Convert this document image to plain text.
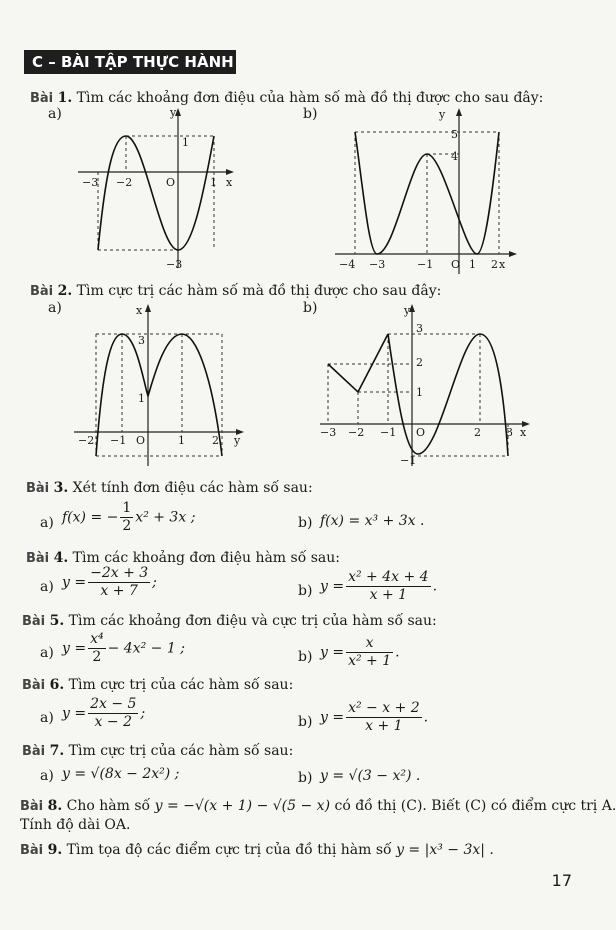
C – BÀI TẬP THỰC HÀNH
Bài 1. Tìm các khoảng đơn điệu của hàm số mà đồ thị được cho sau đây:
a)	b)
y
x
O
−3 −2
1
1
−3
y
x
O
5
4
−4 −3	−1	1 2
Bài 2. Tìm cực trị các hàm số mà đồ thị được cho sau đây:
a)	b)
x
y
O
3
1
−2 −1	1 2
y
x
O
3
2
1
−3 −2 −1	2 3
−1
Bài 3. Xét tính đơn điệu các hàm số sau:
a) f(x) = − $\frac{1}{2} x^2 + 3x$ ;	b) f(x) = x³ + 3x .
Bài 4. Tìm các khoảng đơn điệu hàm số sau:
a) $y = \frac{-2x + 3}{x + 7}$ ;
b) $y = \frac{\text{x² + 4x + 4}}{x + 1}$ .
Bài 5. Tìm các khoảng đơn điệu và cực trị của hàm số sau:
a) $y = \frac{\text{x⁴}}{2} - 4x^2 - 1$ ;
b) $y = \frac{x}{\text{x² + 1}}$ .
Bài 6. Tìm cực trị của các hàm số sau:
a) $y = \frac{2x - 5}{x - 2}$ ;
b) $y = \frac{\text{x² − x + 2}}{x + 1}$ .
Bài 7. Tìm cực trị của các hàm số sau:
a) y = √(8x − 2x²) ;	b) y = √(3 − x²) .
Bài 8. Cho hàm số y = −√(x + 1) − √(5 − x) có đồ thị (C). Biết (C) có điểm cực trị A.
Tính độ dài OA.
Bài 9. Tìm tọa độ các điểm cực trị của đồ thị hàm số y = |x³ − 3x| .
17
